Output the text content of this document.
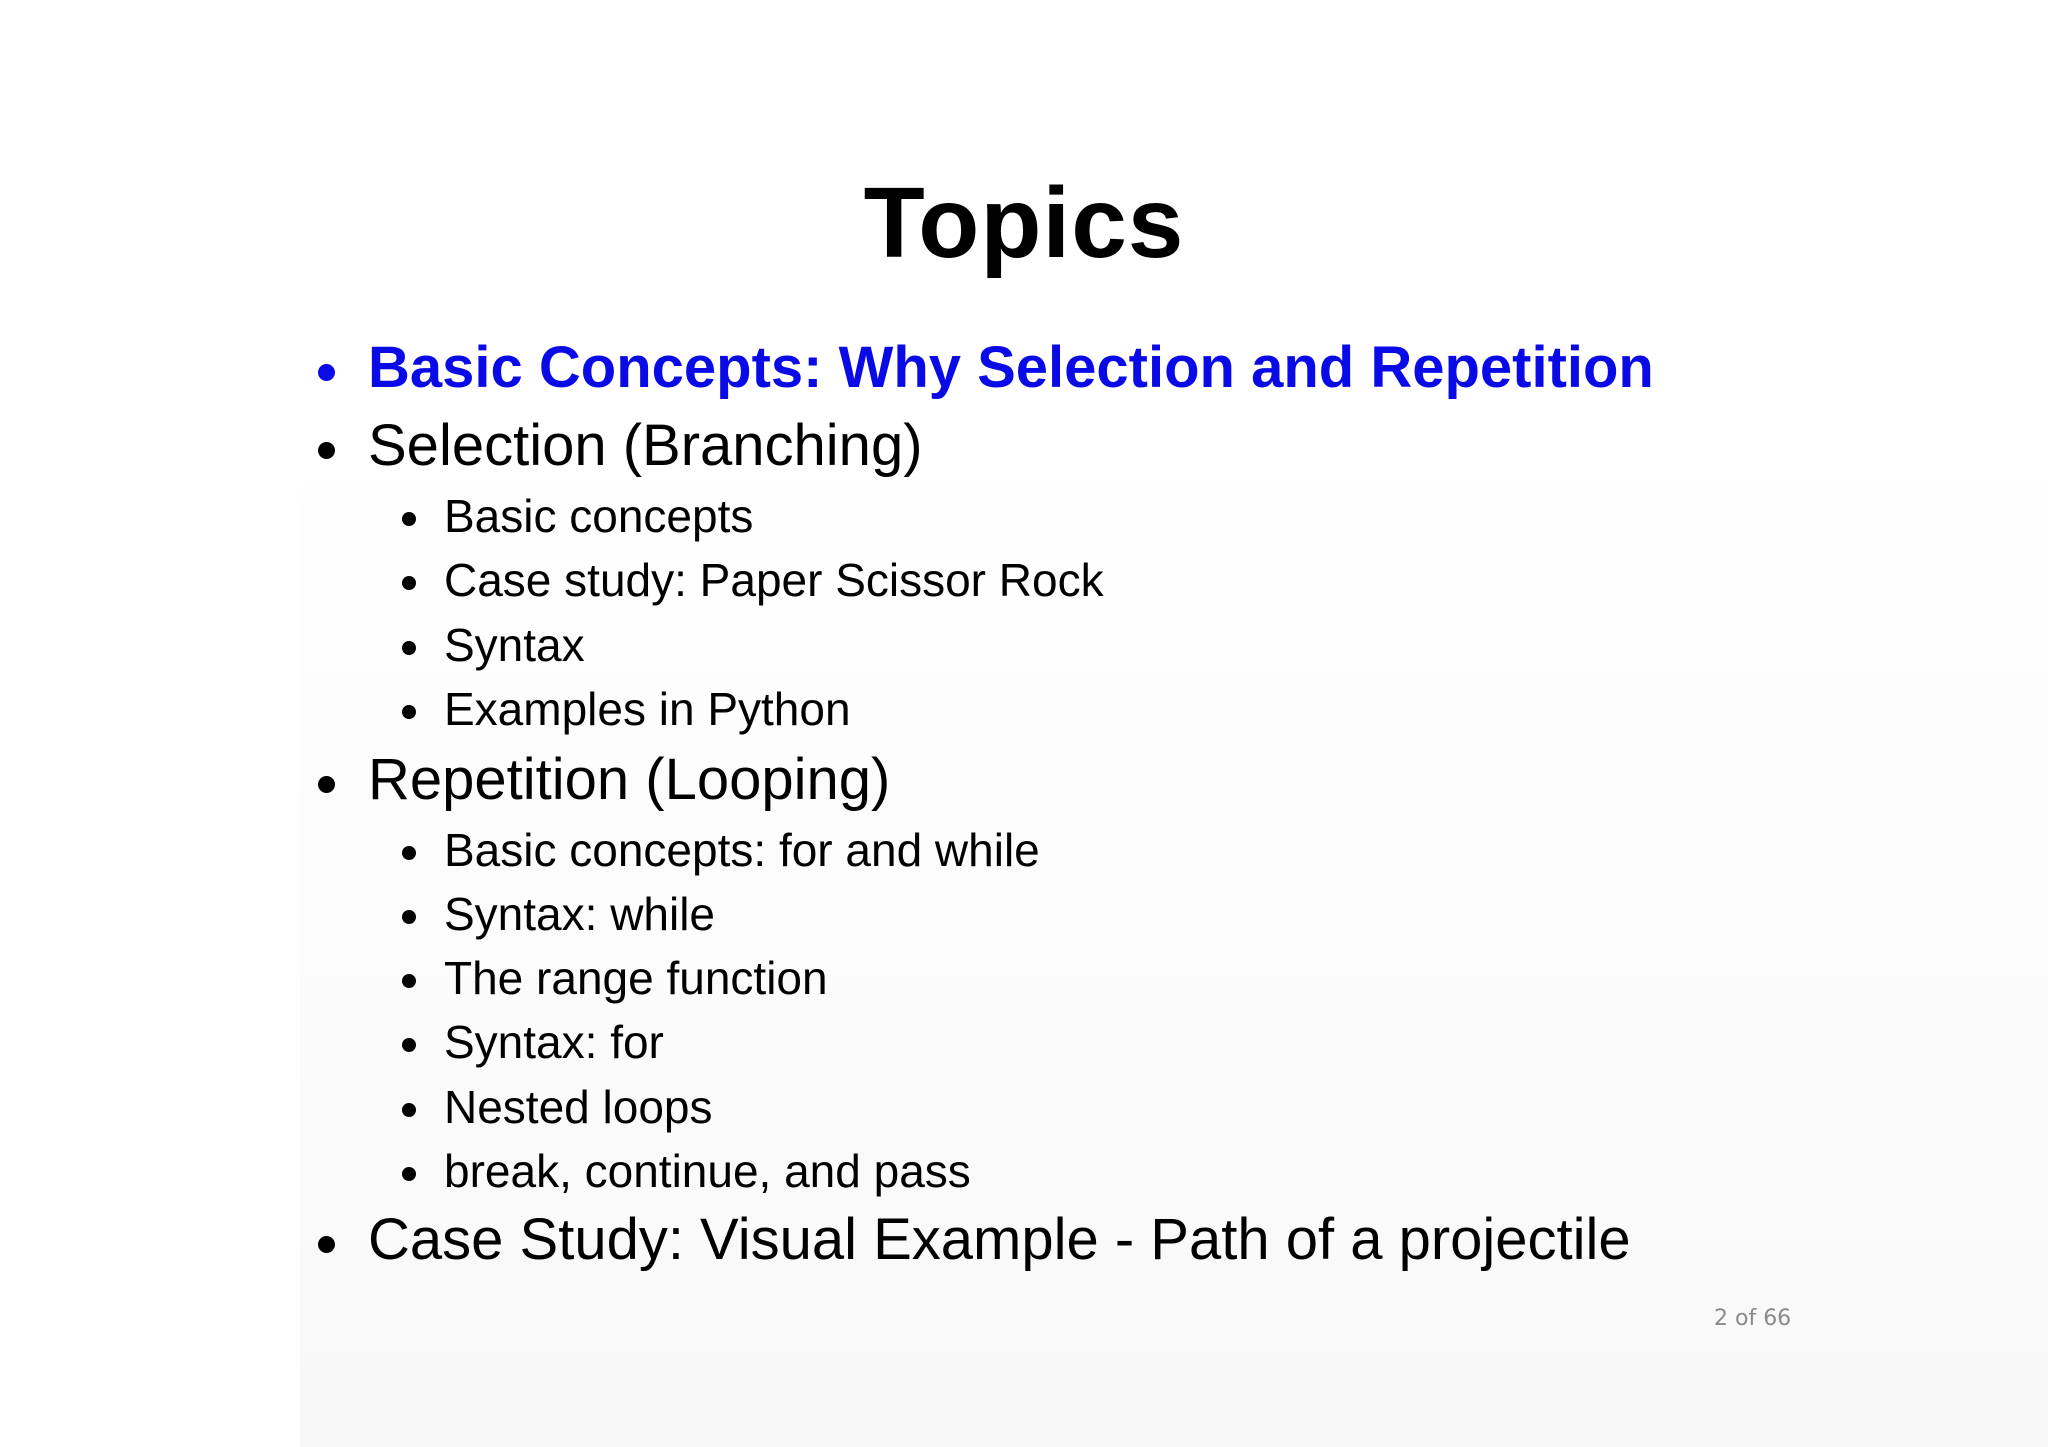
Topics
Basic Concepts: Why Selection and Repetition
Selection (Branching)
Basic concepts
Case study: Paper Scissor Rock
Syntax
Examples in Python
Repetition (Looping)
Basic concepts: for and while
Syntax: while
The range function
Syntax: for
Nested loops
break, continue, and pass
Case Study: Visual Example - Path of a projectile
2 of 66
